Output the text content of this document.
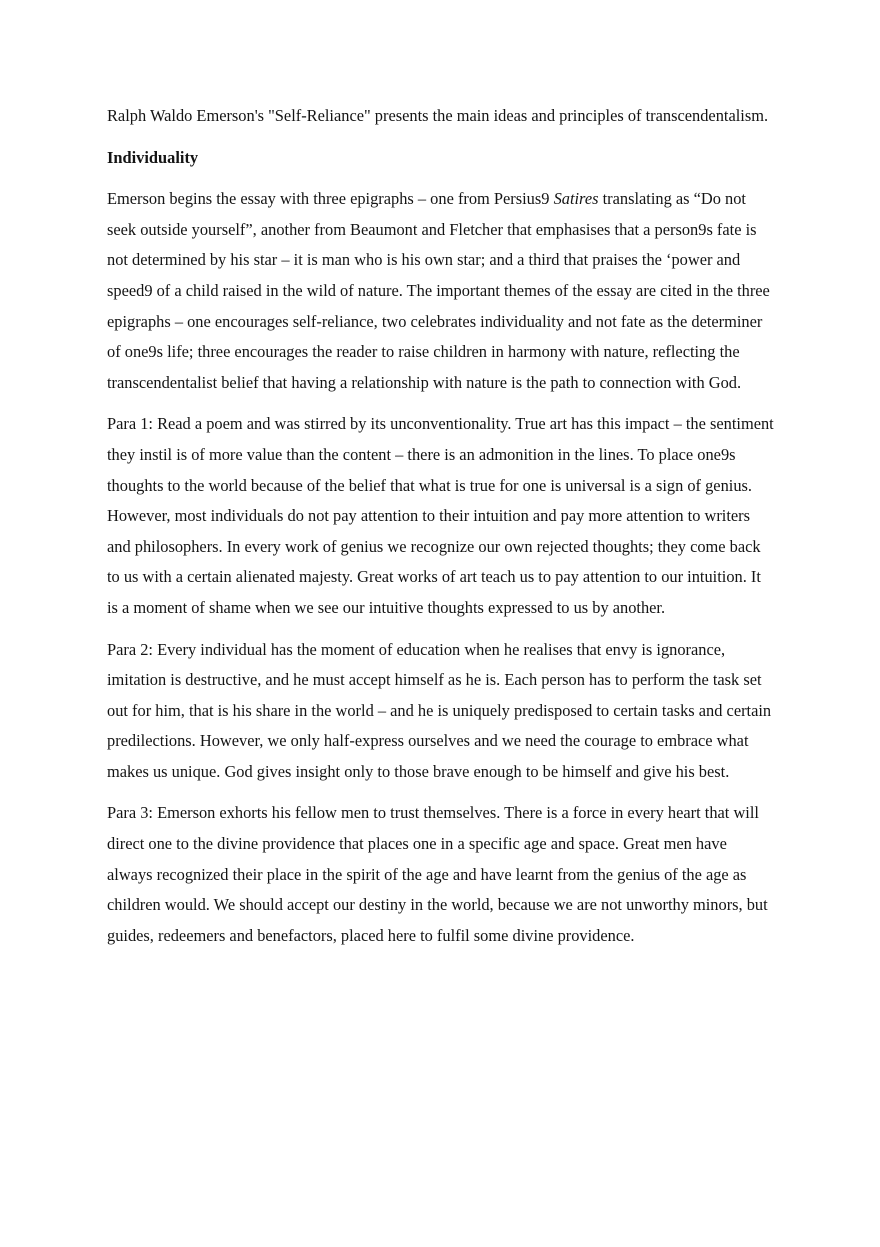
Ralph Waldo Emerson's "Self-Reliance" presents the main ideas and principles of transcendentalism.

Individuality

Emerson begins the essay with three epigraphs – one from Persius9 Satires translating as “Do not seek outside yourself”, another from Beaumont and Fletcher that emphasises that a person9s fate is not determined by his star – it is man who is his own star; and a third that praises the ‘power and speed9 of a child raised in the wild of nature. The important themes of the essay are cited in the three epigraphs – one encourages self-reliance, two celebrates individuality and not fate as the determiner of one9s life; three encourages the reader to raise children in harmony with nature, reflecting the transcendentalist belief that having a relationship with nature is the path to connection with God.

Para 1: Read a poem and was stirred by its unconventionality. True art has this impact – the sentiment they instil is of more value than the content – there is an admonition in the lines. To place one9s thoughts to the world because of the belief that what is true for one is universal is a sign of genius. However, most individuals do not pay attention to their intuition and pay more attention to writers and philosophers. In every work of genius we recognize our own rejected thoughts; they come back to us with a certain alienated majesty. Great works of art teach us to pay attention to our intuition. It is a moment of shame when we see our intuitive thoughts expressed to us by another.

Para 2: Every individual has the moment of education when he realises that envy is ignorance, imitation is destructive, and he must accept himself as he is. Each person has to perform the task set out for him, that is his share in the world – and he is uniquely predisposed to certain tasks and certain predilections. However, we only half-express ourselves and we need the courage to embrace what makes us unique. God gives insight only to those brave enough to be himself and give his best.

Para 3: Emerson exhorts his fellow men to trust themselves. There is a force in every heart that will direct one to the divine providence that places one in a specific age and space. Great men have always recognized their place in the spirit of the age and have learnt from the genius of the age as children would. We should accept our destiny in the world, because we are not unworthy minors, but guides, redeemers and benefactors, placed here to fulfil some divine providence.
